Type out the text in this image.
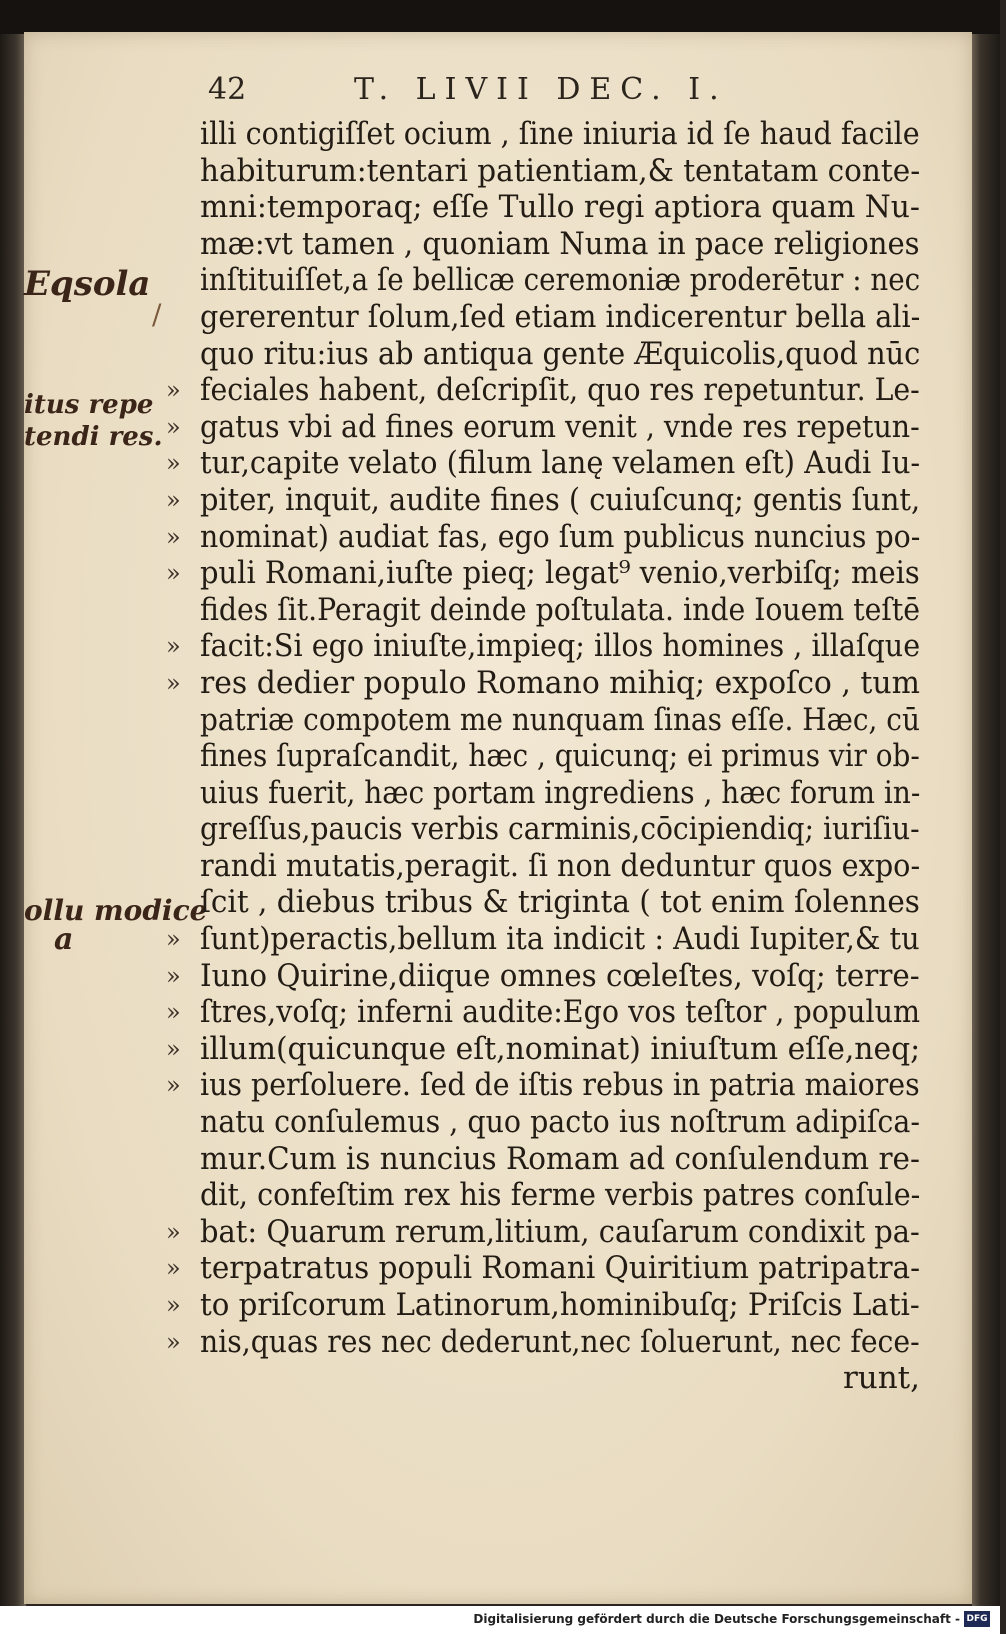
42	T. LIVII DEC. I.
Eqsola
/
itus repe
tendi res.
ollu modice
a
illi contigiſſet ocium , ſine iniuria id ſe haud facile
habiturum:tentari patientiam,& tentatam conte-
mni:temporaq; eſſe Tullo regi aptiora quam Nu-
mæ:vt tamen , quoniam Numa in pace religiones
inſtituiſſet,a ſe bellicæ ceremoniæ proderētur : nec
gererentur ſolum,ſed etiam indicerentur bella ali-
quo ritu:ius ab antiqua gente Æquicolis,quod nūc
» feciales habent, deſcripſit, quo res repetuntur. Le-
» gatus vbi ad fines eorum venit , vnde res repetun-
» tur,capite velato (filum lanę velamen eſt) Audi Iu-
» piter, inquit, audite fines ( cuiuſcunq; gentis ſunt,
» nominat) audiat fas, ego ſum publicus nuncius po-
» puli Romani,iuſte pieq; legat⁹ venio,verbiſq; meis
fides ſit.Peragit deinde poſtulata. inde Iouem teſtē
» facit:Si ego iniuſte,impieq; illos homines , illaſque
» res dedier populo Romano mihiq; expoſco , tum
patriæ compotem me nunquam ſinas eſſe. Hæc, cū
fines ſupraſcandit, hæc , quicunq; ei primus vir ob-
uius fuerit, hæc portam ingrediens , hæc forum in-
greſſus,paucis verbis carminis,cōcipiendiq; iuriſiu-
randi mutatis,peragit. ſi non deduntur quos expo-
ſcit , diebus tribus & triginta ( tot enim ſolennes
» ſunt)peractis,bellum ita indicit : Audi Iupiter,& tu
» Iuno Quirine,diique omnes cœleſtes, voſq; terre-
» ſtres,voſq; inferni audite:Ego vos teſtor , populum
» illum(quicunque eſt,nominat) iniuſtum eſſe,neq;
» ius perſoluere. ſed de iſtis rebus in patria maiores
natu conſulemus , quo pacto ius noſtrum adipiſca-
mur.Cum is nuncius Romam ad conſulendum re-
dit, confeſtim rex his ferme verbis patres conſule-
» bat: Quarum rerum,litium, cauſarum condixit pa-
» terpatratus populi Romani Quiritium patripatra-
» to priſcorum Latinorum,hominibuſq; Priſcis Lati-
» nis,quas res nec dederunt,nec ſoluerunt, nec fece-
runt,
Digitalisierung gefördert durch die Deutsche Forschungsgemeinschaft - DFG
